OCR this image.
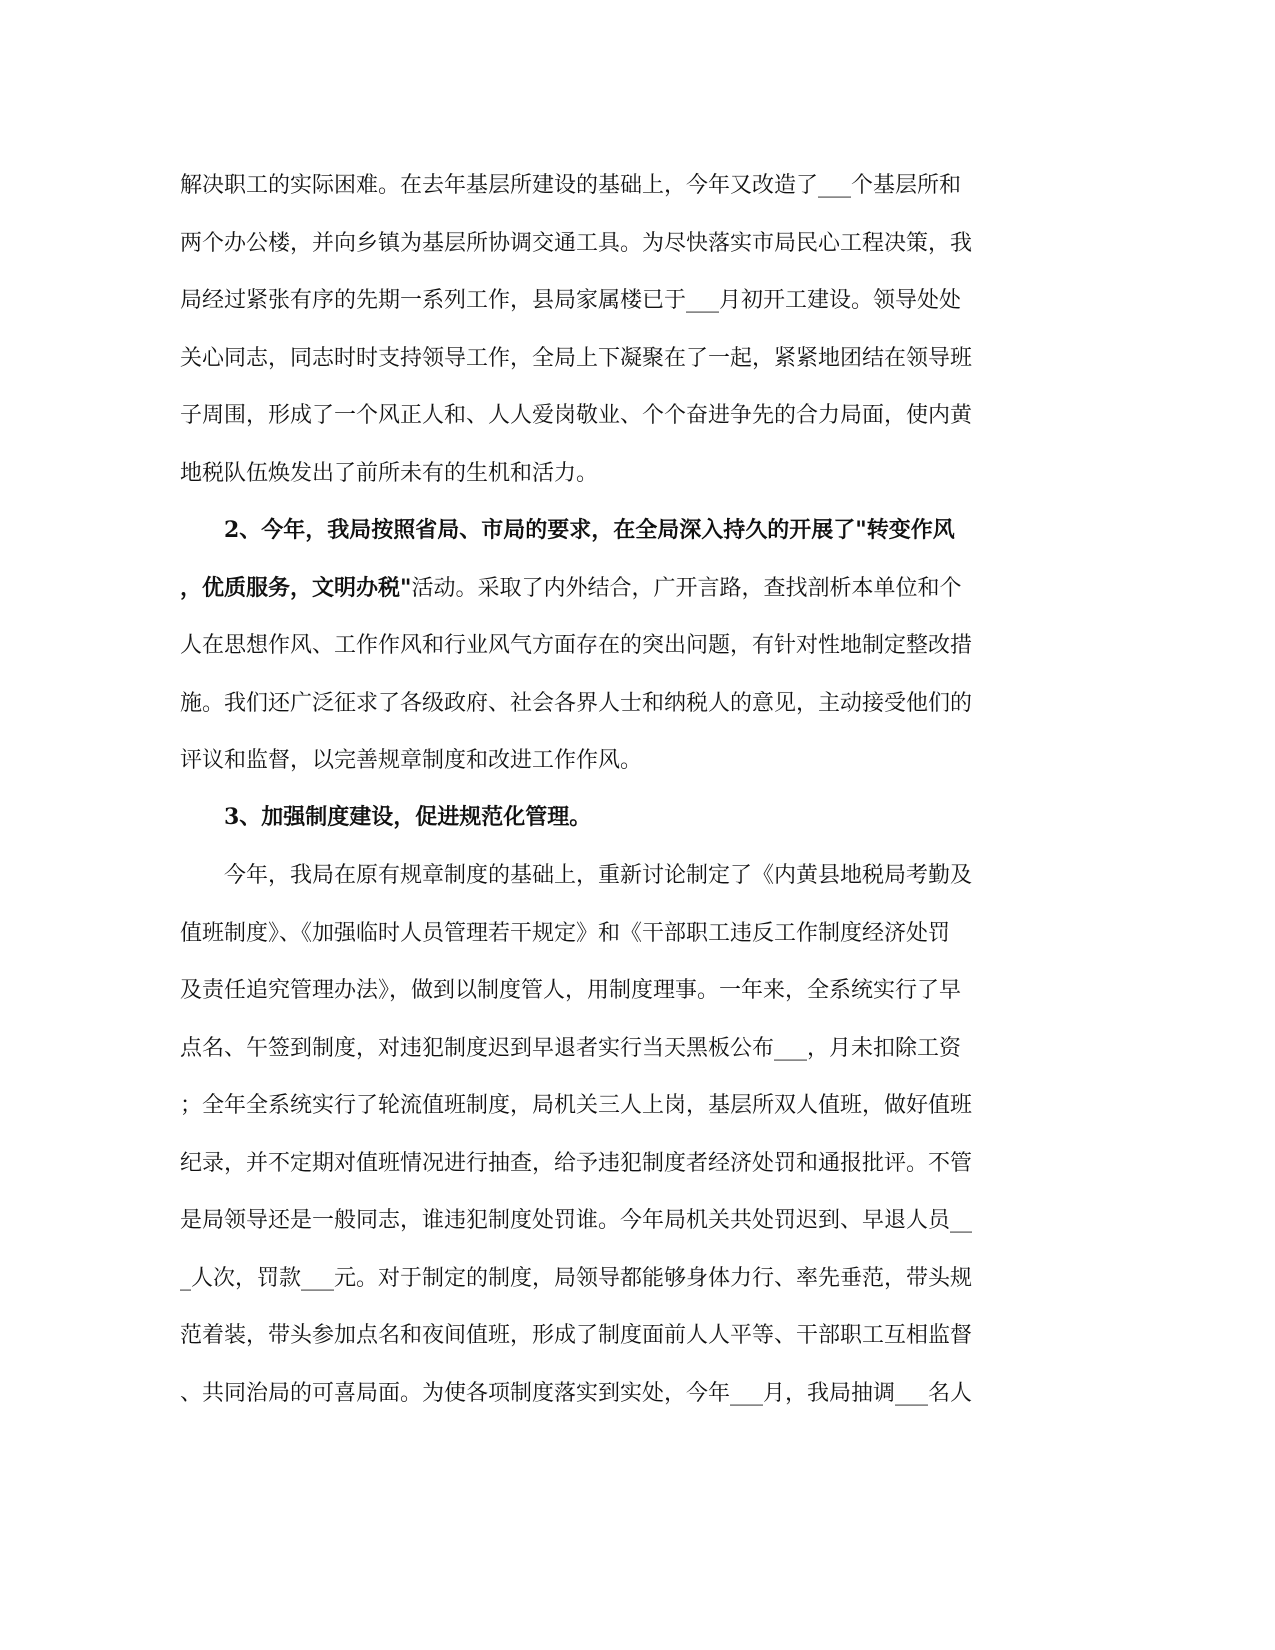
解决职工的实际困难。在去年基层所建设的基础上，今年又改造了___个基层所和
两个办公楼，并向乡镇为基层所协调交通工具。为尽快落实市局民心工程决策，我
局经过紧张有序的先期一系列工作，县局家属楼已于___月初开工建设。领导处处
关心同志，同志时时支持领导工作，全局上下凝聚在了一起，紧紧地团结在领导班
子周围，形成了一个风正人和、人人爱岗敬业、个个奋进争先的合力局面，使内黄
地税队伍焕发出了前所未有的生机和活力。
　　2、今年，我局按照省局、市局的要求，在全局深入持久的开展了"转变作风
，优质服务，文明办税"活动。采取了内外结合，广开言路，查找剖析本单位和个
人在思想作风、工作作风和行业风气方面存在的突出问题，有针对性地制定整改措
施。我们还广泛征求了各级政府、社会各界人士和纳税人的意见，主动接受他们的
评议和监督，以完善规章制度和改进工作作风。
　　3、加强制度建设，促进规范化管理。
　　今年，我局在原有规章制度的基础上，重新讨论制定了《内黄县地税局考勤及
值班制度》、《加强临时人员管理若干规定》和《干部职工违反工作制度经济处罚
及责任追究管理办法》，做到以制度管人，用制度理事。一年来，全系统实行了早
点名、午签到制度，对违犯制度迟到早退者实行当天黑板公布___，月未扣除工资
；全年全系统实行了轮流值班制度，局机关三人上岗，基层所双人值班，做好值班
纪录，并不定期对值班情况进行抽查，给予违犯制度者经济处罚和通报批评。不管
是局领导还是一般同志，谁违犯制度处罚谁。今年局机关共处罚迟到、早退人员__
_人次，罚款___元。对于制定的制度，局领导都能够身体力行、率先垂范，带头规
范着装，带头参加点名和夜间值班，形成了制度面前人人平等、干部职工互相监督
、共同治局的可喜局面。为使各项制度落实到实处，今年___月，我局抽调___名人
